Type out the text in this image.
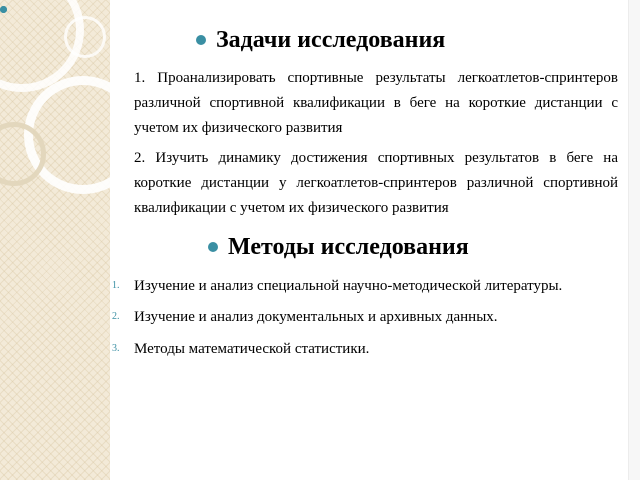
Задачи исследования
1. Проанализировать спортивные результаты легкоатлетов-спринтеров различной спортивной квалификации в беге на короткие дистанции с учетом их физического развития
2. Изучить динамику достижения спортивных результатов в беге на короткие дистанции у легкоатлетов-спринтеров различной спортивной квалификации с учетом их физического развития
Методы исследования
1. Изучение и анализ специальной научно-методической литературы.
2. Изучение и анализ документальных и архивных данных.
3. Методы математической статистики.
